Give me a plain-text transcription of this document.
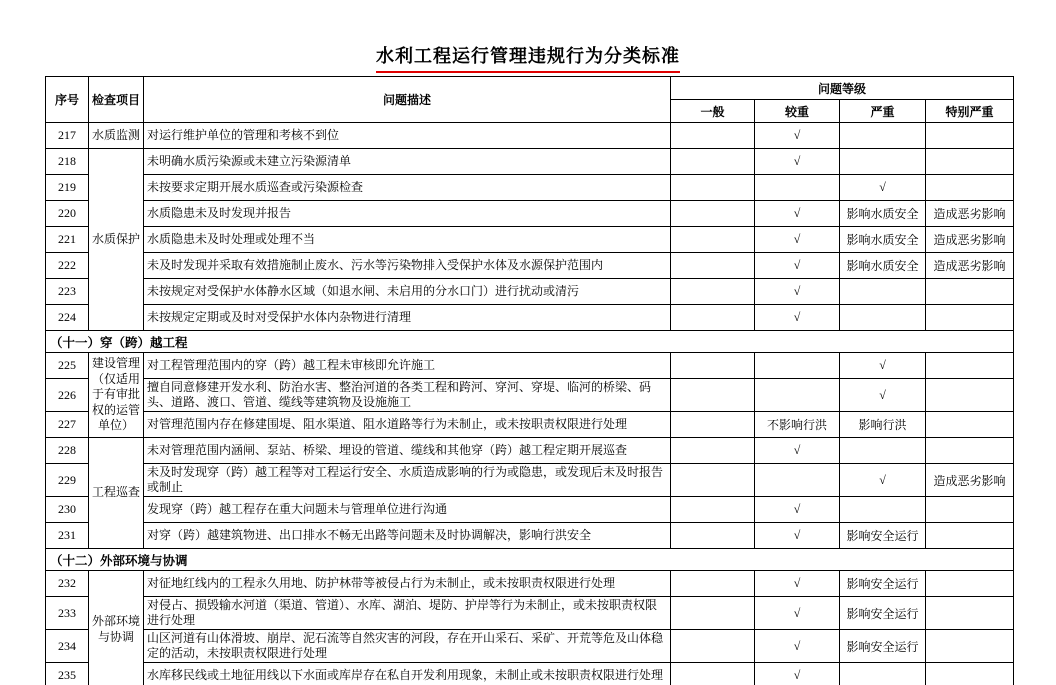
水利工程运行管理违规行为分类标准
序号	检查项目	问题描述	问题等级			
			一般	较重	严重	特别严重
217	水质监测	对运行维护单位的管理和考核不到位		√		
218	水质保护	未明确水质污染源或未建立污染源清单		√		
219		未按要求定期开展水质巡查或污染源检查			√	
220		水质隐患未及时发现并报告		√	影响水质安全	造成恶劣影响
221		水质隐患未及时处理或处理不当		√	影响水质安全	造成恶劣影响
222		未及时发现并采取有效措施制止废水、污水等污染物排入受保护水体及水源保护范围内		√	影响水质安全	造成恶劣影响
223		未按规定对受保护水体静水区域（如退水闸、未启用的分水口门）进行扰动或清污		√		
224		未按规定定期或及时对受保护水体内杂物进行清理		√		
（十一）穿（跨）越工程						
225	建设管理（仅适用于有审批权的运管单位）	对工程管理范围内的穿（跨）越工程未审核即允许施工			√	
226		擅自同意修建开发水利、防治水害、整治河道的各类工程和跨河、穿河、穿堤、临河的桥梁、码头、道路、渡口、管道、缆线等建筑物及设施施工			√	
227		对管理范围内存在修建围堤、阻水渠道、阻水道路等行为未制止，或未按职责权限进行处理		不影响行洪	影响行洪	
228	工程巡查	未对管理范围内涵闸、泵站、桥梁、埋设的管道、缆线和其他穿（跨）越工程定期开展巡查		√		
229		未及时发现穿（跨）越工程等对工程运行安全、水质造成影响的行为或隐患，或发现后未及时报告或制止			√	造成恶劣影响
230		发现穿（跨）越工程存在重大问题未与管理单位进行沟通		√		
231		对穿（跨）越建筑物进、出口排水不畅无出路等问题未及时协调解决，影响行洪安全		√	影响安全运行	
（十二）外部环境与协调						
232	外部环境与协调	对征地红线内的工程永久用地、防护林带等被侵占行为未制止，或未按职责权限进行处理		√	影响安全运行	
233		对侵占、损毁输水河道（渠道、管道）、水库、湖泊、堤防、护岸等行为未制止，或未按职责权限进行处理		√	影响安全运行	
234		山区河道有山体滑坡、崩岸、泥石流等自然灾害的河段，存在开山采石、采矿、开荒等危及山体稳定的活动，未按职责权限进行处理		√	影响安全运行	
235		水库移民线或土地征用线以下水面或库岸存在私自开发利用现象，未制止或未按职责权限进行处理		√		
